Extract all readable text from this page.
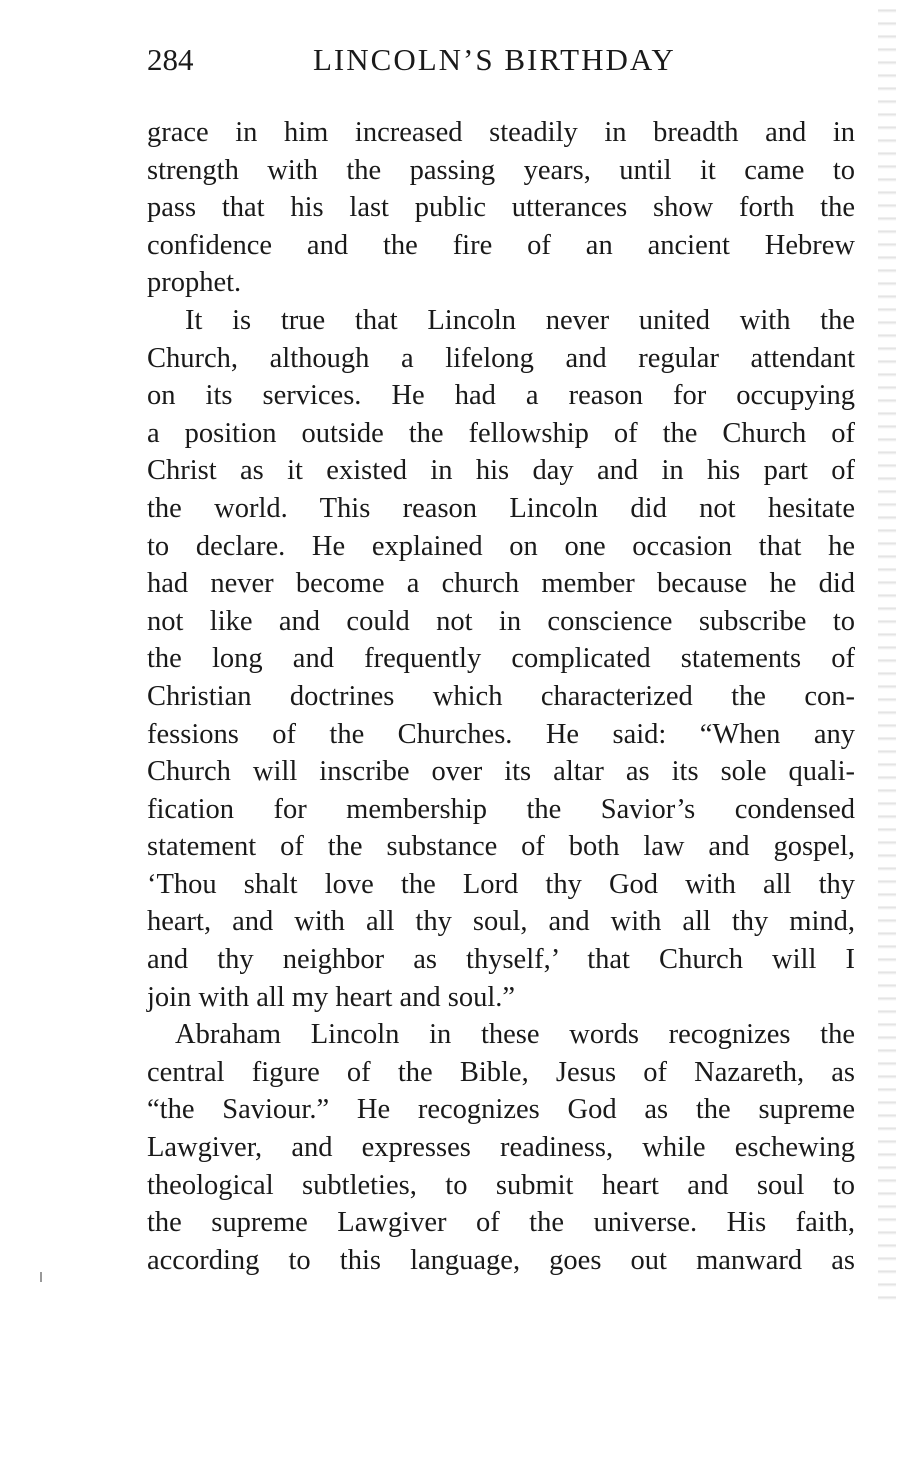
284	LINCOLN’S BIRTHDAY
grace in him increased steadily in breadth and in
strength with the passing years, until it came to
pass that his last public utterances show forth the
confidence and the fire of an ancient Hebrew
prophet.
It is true that Lincoln never united with the
Church, although a lifelong and regular attendant
on its services. He had a reason for occupying
a position outside the fellowship of the Church of
Christ as it existed in his day and in his part of
the world. This reason Lincoln did not hesitate
to declare. He explained on one occasion that he
had never become a church member because he did
not like and could not in conscience subscribe to
the long and frequently complicated statements of
Christian doctrines which characterized the con-
fessions of the Churches. He said: “When any
Church will inscribe over its altar as its sole quali-
fication for membership the Savior’s condensed
statement of the substance of both law and gospel,
‘Thou shalt love the Lord thy God with all thy
heart, and with all thy soul, and with all thy mind,
and thy neighbor as thyself,’ that Church will I
join with all my heart and soul.”
Abraham Lincoln in these words recognizes the
central figure of the Bible, Jesus of Nazareth, as
“the Saviour.” He recognizes God as the supreme
Lawgiver, and expresses readiness, while eschewing
theological subtleties, to submit heart and soul to
the supreme Lawgiver of the universe. His faith,
according to this language, goes out manward as
